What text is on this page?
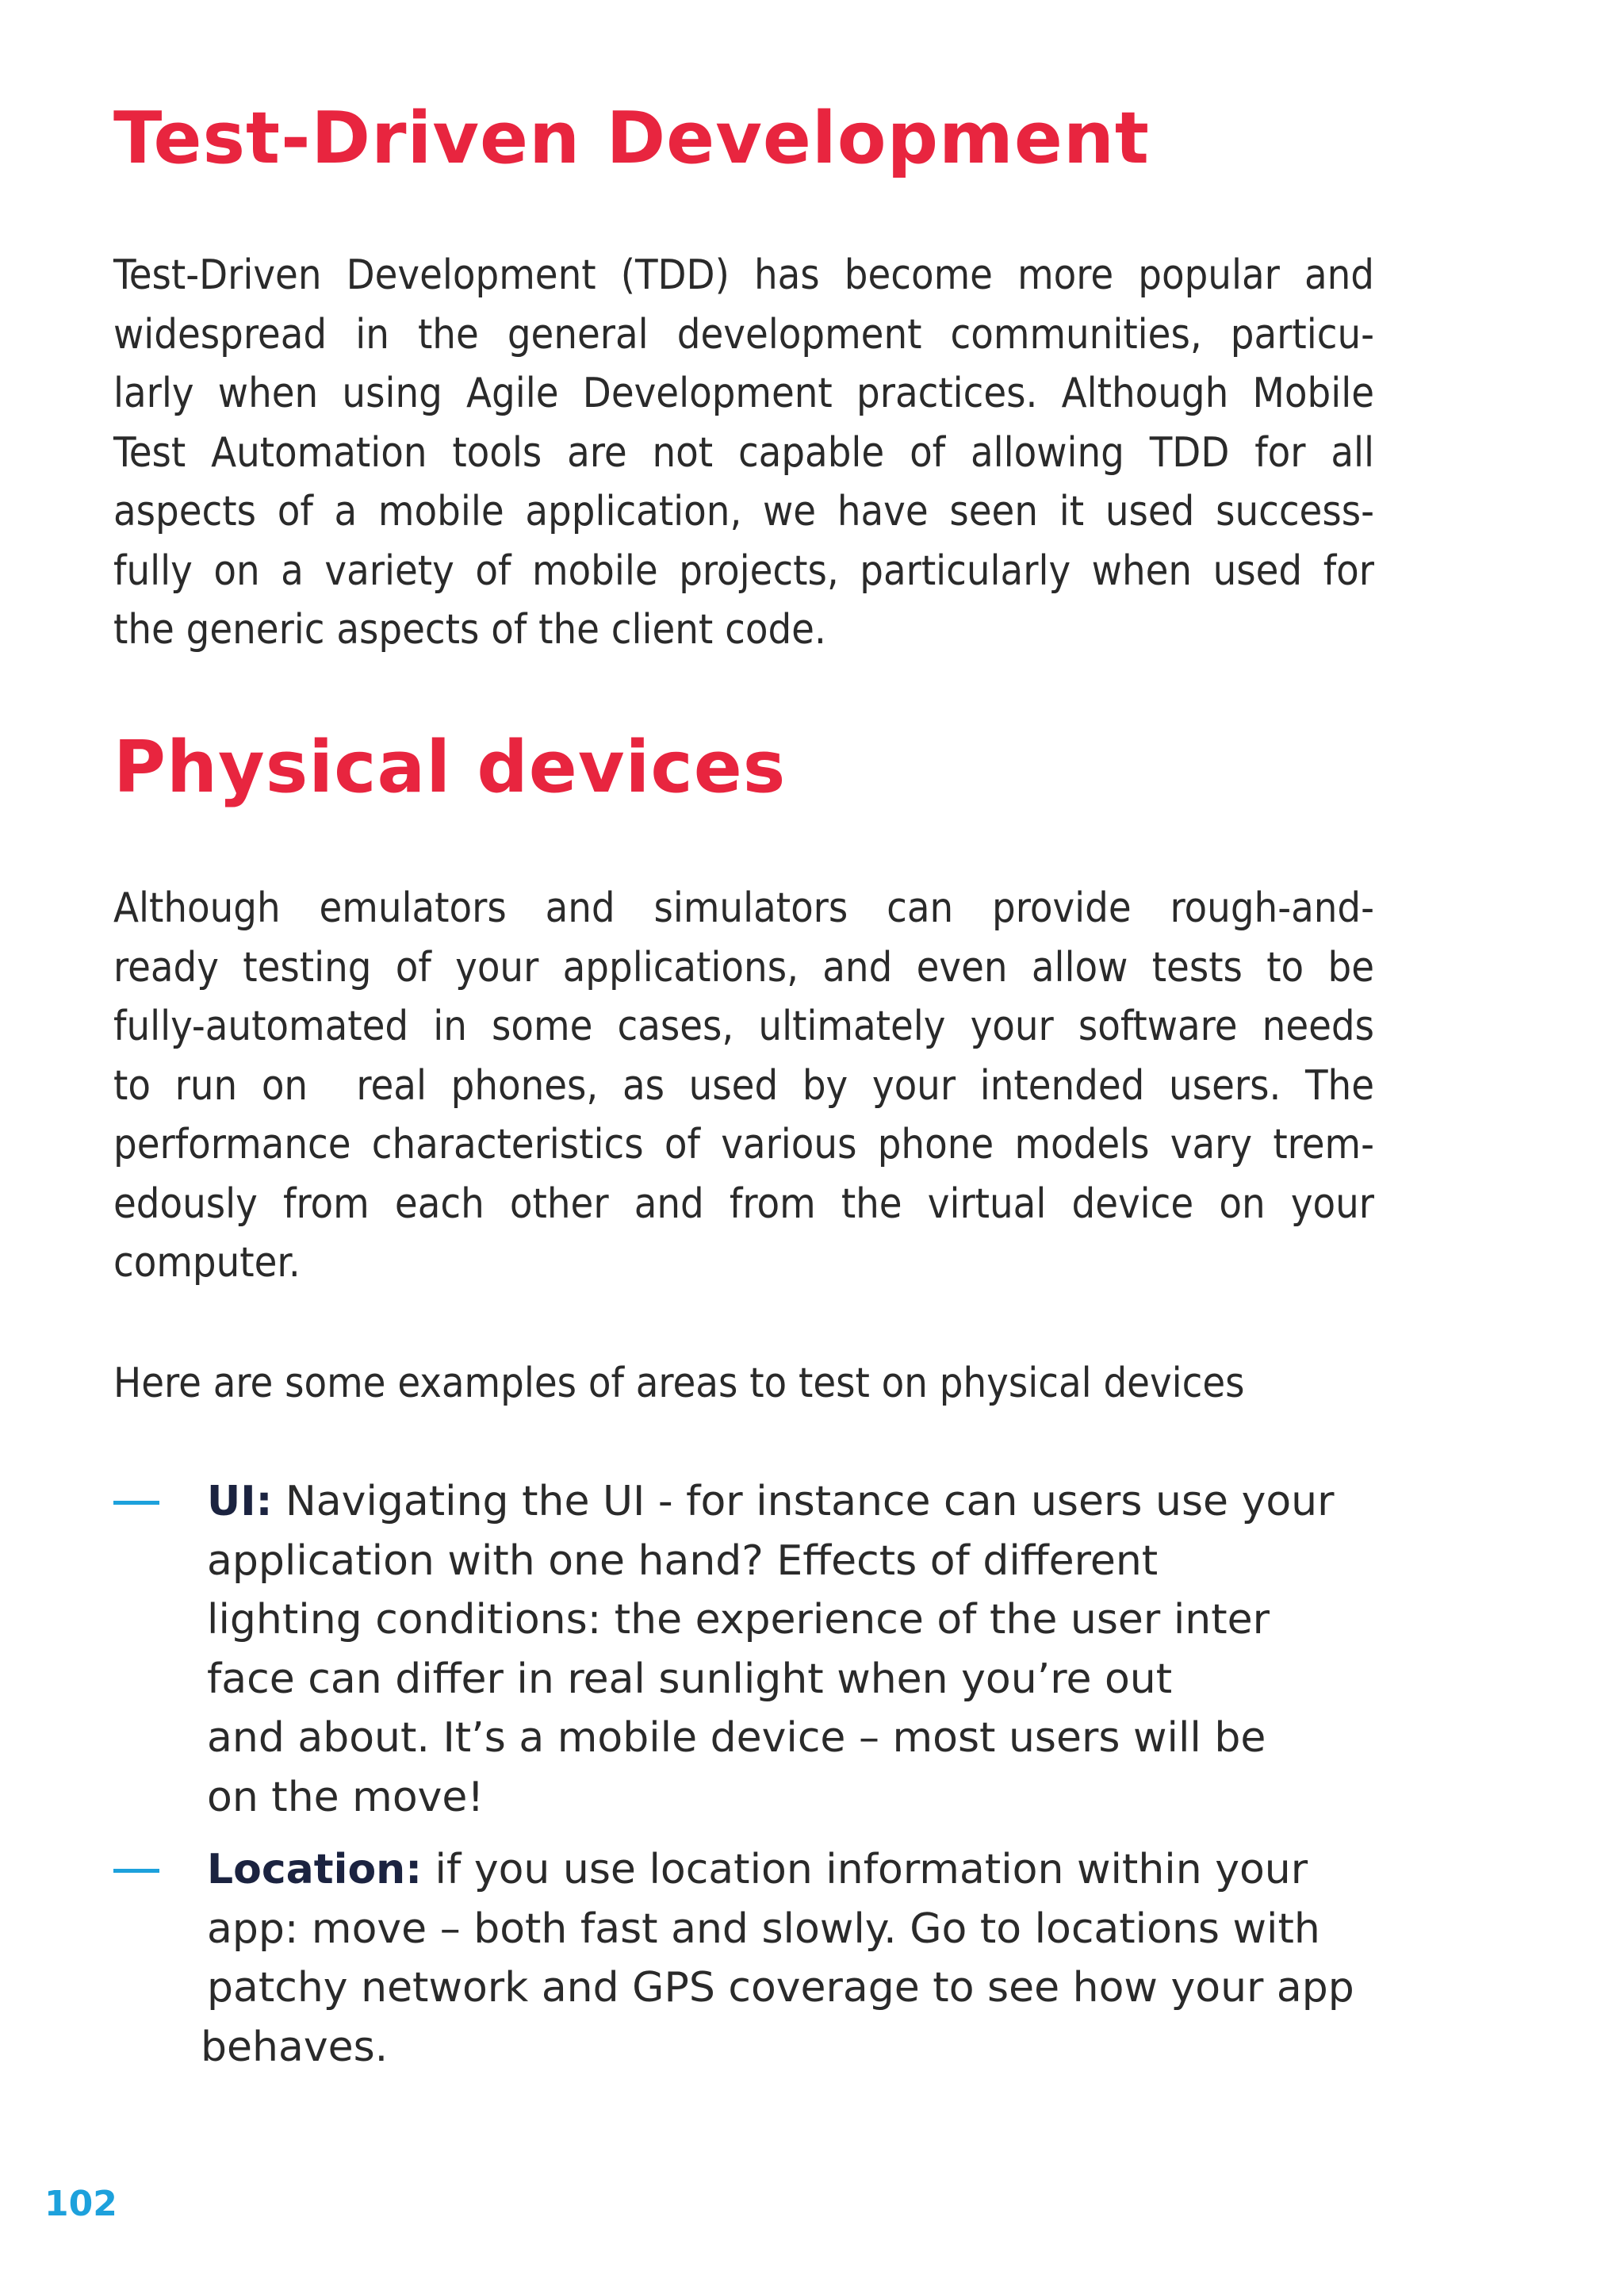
Test-Driven Development

Test-Driven Development (TDD) has become more popular and
widespread in the general development communities, particu-
larly when using Agile Development practices. Although Mobile
Test Automation tools are not capable of allowing TDD for all
aspects of a mobile application, we have seen it used success-
fully on a variety of mobile projects, particularly when used for
the generic aspects of the client code.

Physical devices

Although emulators and simulators can provide rough-and-
ready testing of your applications, and even allow tests to be
fully-automated in some cases, ultimately your software needs
to run on  real phones, as used by your intended users. The
performance characteristics of various phone models vary trem-
edously from each other and from the virtual device on your
computer.

Here are some examples of areas to test on physical devices

UI: Navigating the UI - for instance can users use your
application with one hand? Effects of different
lighting conditions: the experience of the user inter
face can differ in real sunlight when you’re out
and about. It’s a mobile device – most users will be
on the move!
Location: if you use location information within your
app: move – both fast and slowly. Go to locations with
patchy network and GPS coverage to see how your app
behaves.
102
